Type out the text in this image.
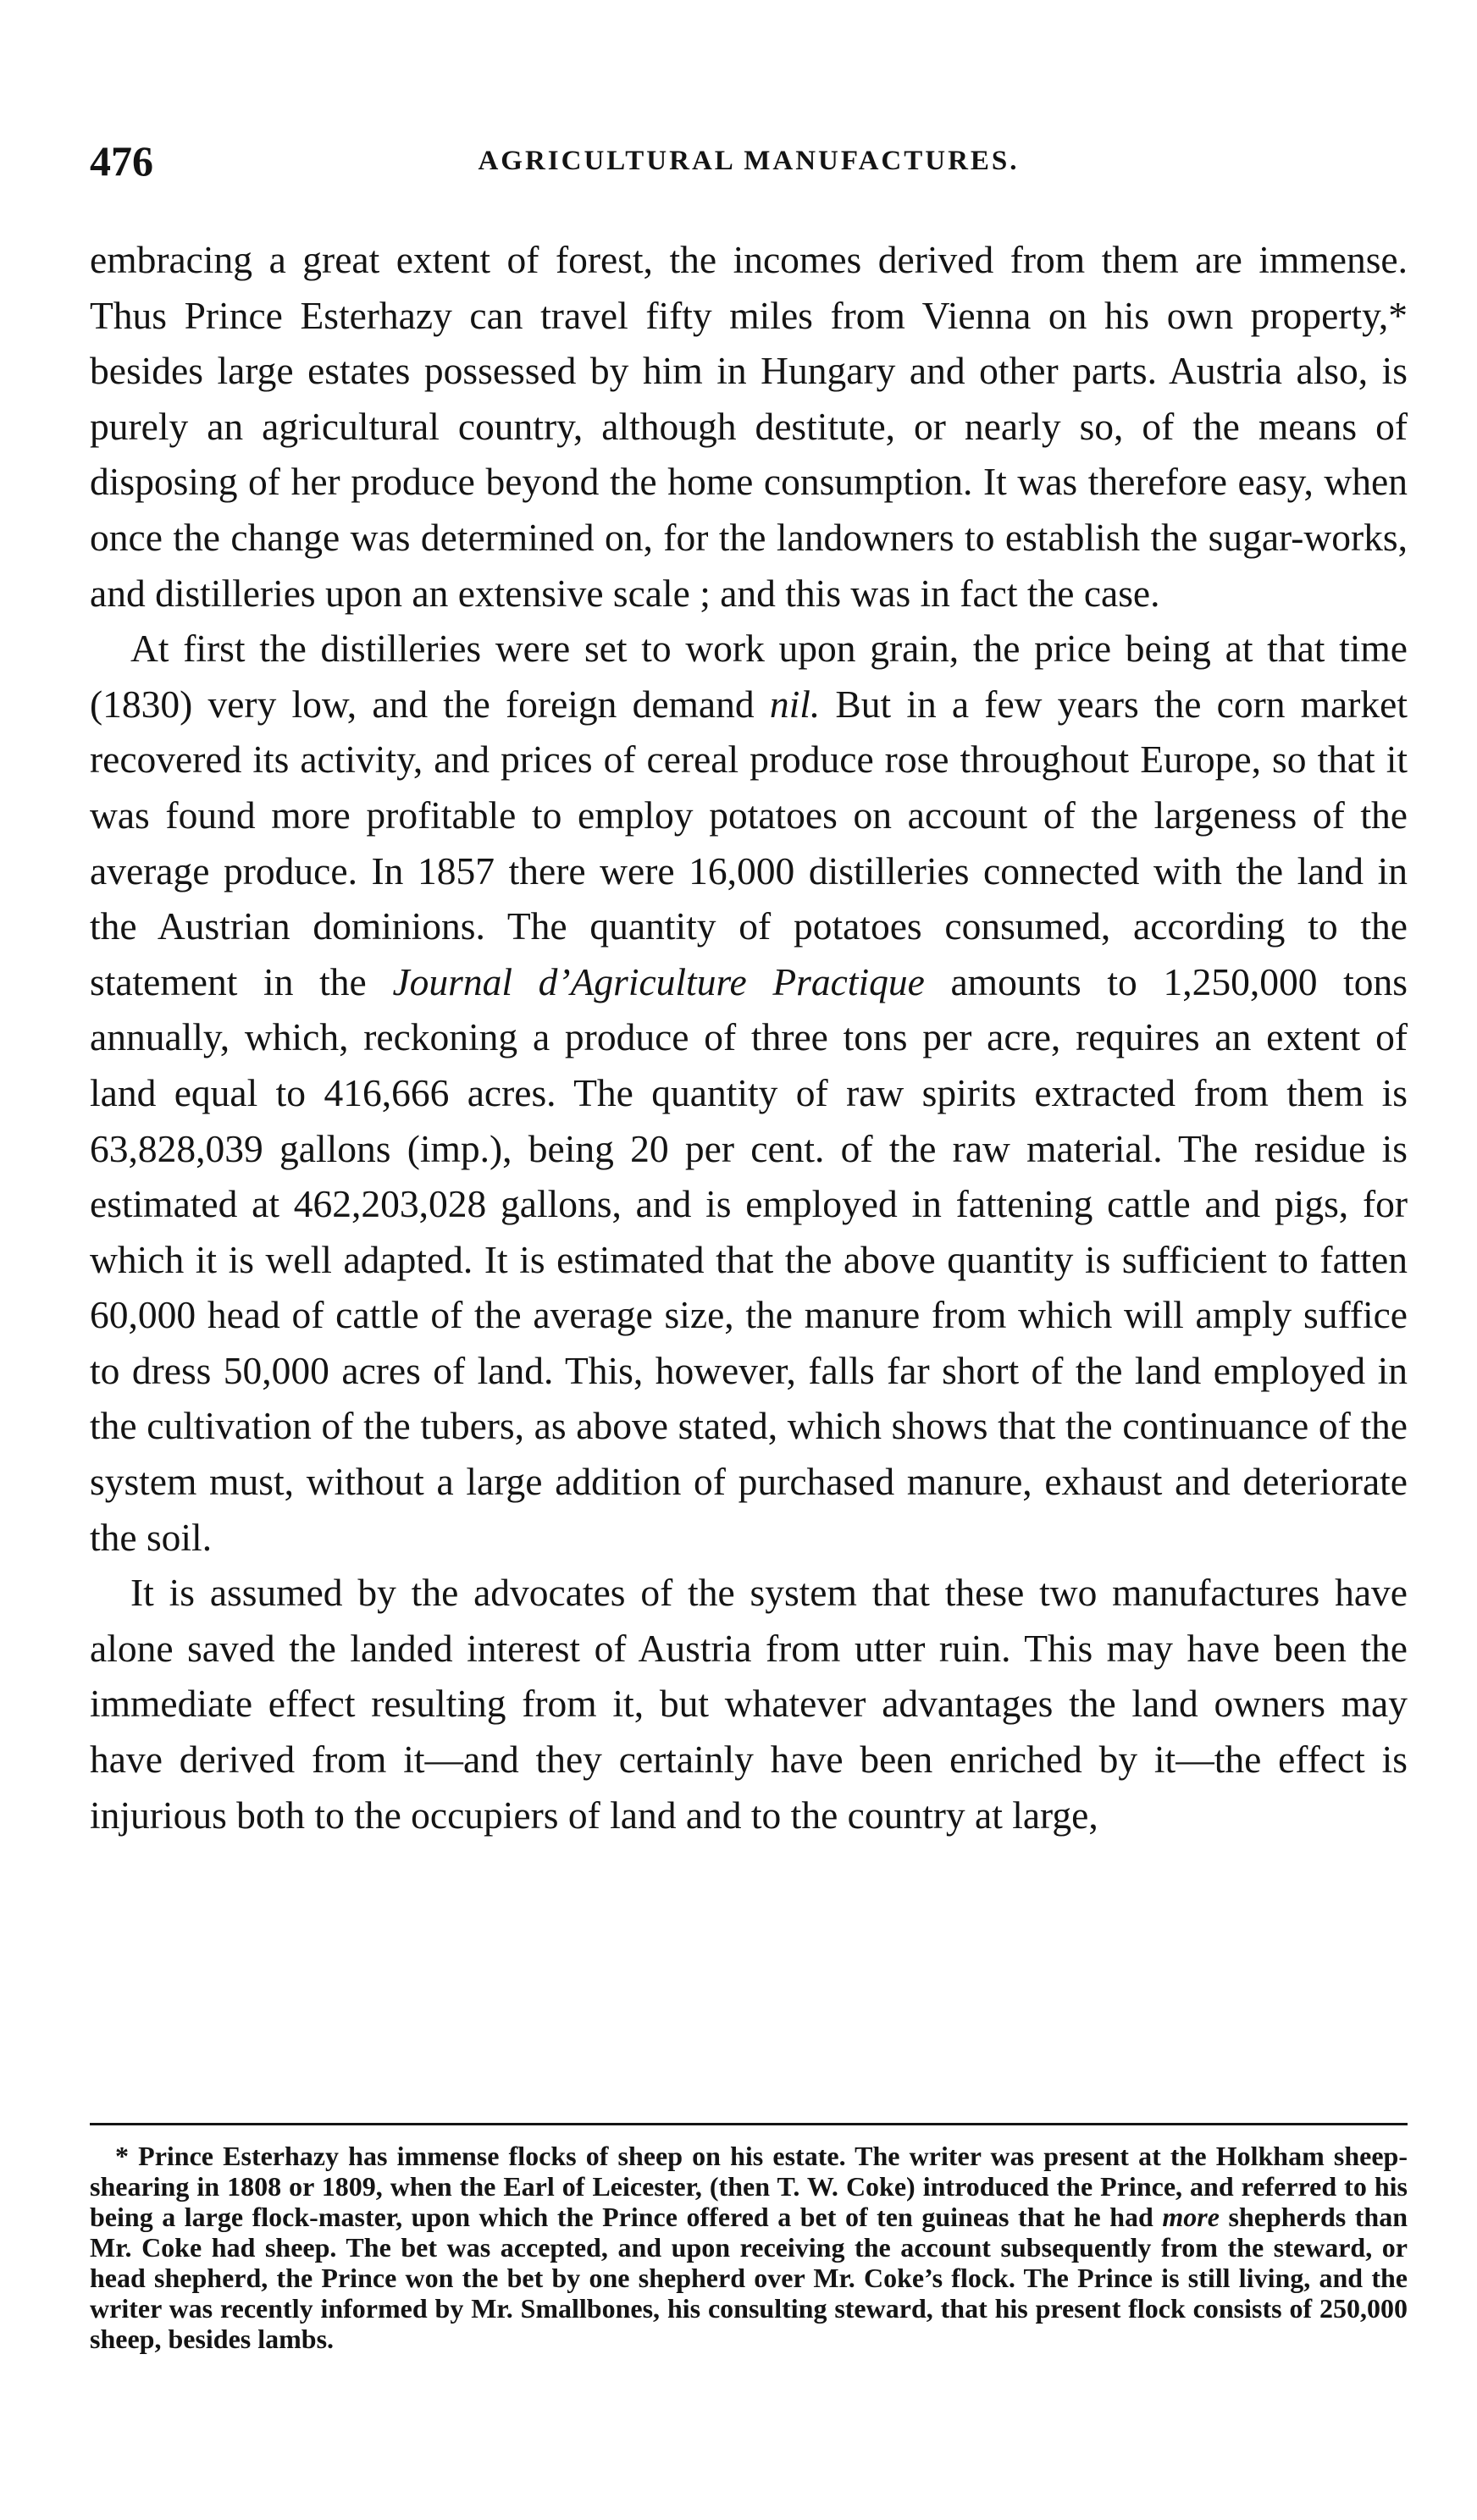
476	AGRICULTURAL MANUFACTURES.

embracing a great extent of forest, the incomes derived from them are immense. Thus Prince Esterhazy can travel fifty miles from Vienna on his own property,* besides large estates possessed by him in Hungary and other parts. Austria also, is purely an agricultural country, although destitute, or nearly so, of the means of disposing of her produce beyond the home consumption. It was therefore easy, when once the change was determined on, for the landowners to establish the sugar-works, and distilleries upon an extensive scale ; and this was in fact the case.

At first the distilleries were set to work upon grain, the price being at that time (1830) very low, and the foreign demand nil. But in a few years the corn market recovered its activity, and prices of cereal produce rose throughout Europe, so that it was found more profitable to employ potatoes on account of the largeness of the average produce. In 1857 there were 16,000 distilleries connected with the land in the Austrian dominions. The quantity of potatoes consumed, according to the statement in the Journal d’Agriculture Practique amounts to 1,250,000 tons annually, which, reckoning a produce of three tons per acre, requires an extent of land equal to 416,666 acres. The quantity of raw spirits extracted from them is 63,828,039 gallons (imp.), being 20 per cent. of the raw material. The residue is estimated at 462,203,028 gallons, and is employed in fattening cattle and pigs, for which it is well adapted. It is estimated that the above quantity is sufficient to fatten 60,000 head of cattle of the average size, the manure from which will amply suffice to dress 50,000 acres of land. This, however, falls far short of the land employed in the cultivation of the tubers, as above stated, which shows that the continuance of the system must, without a large addition of purchased manure, exhaust and deteriorate the soil.

It is assumed by the advocates of the system that these two manufactures have alone saved the landed interest of Austria from utter ruin. This may have been the immediate effect resulting from it, but whatever advantages the land owners may have derived from it—and they certainly have been enriched by it—the effect is injurious both to the occupiers of land and to the country at large,

* Prince Esterhazy has immense flocks of sheep on his estate. The writer was present at the Holkham sheep-shearing in 1808 or 1809, when the Earl of Leicester, (then T. W. Coke) introduced the Prince, and referred to his being a large flock-master, upon which the Prince offered a bet of ten guineas that he had more shepherds than Mr. Coke had sheep. The bet was accepted, and upon receiving the account subsequently from the steward, or head shepherd, the Prince won the bet by one shepherd over Mr. Coke’s flock. The Prince is still living, and the writer was recently informed by Mr. Smallbones, his consulting steward, that his present flock consists of 250,000 sheep, besides lambs.
